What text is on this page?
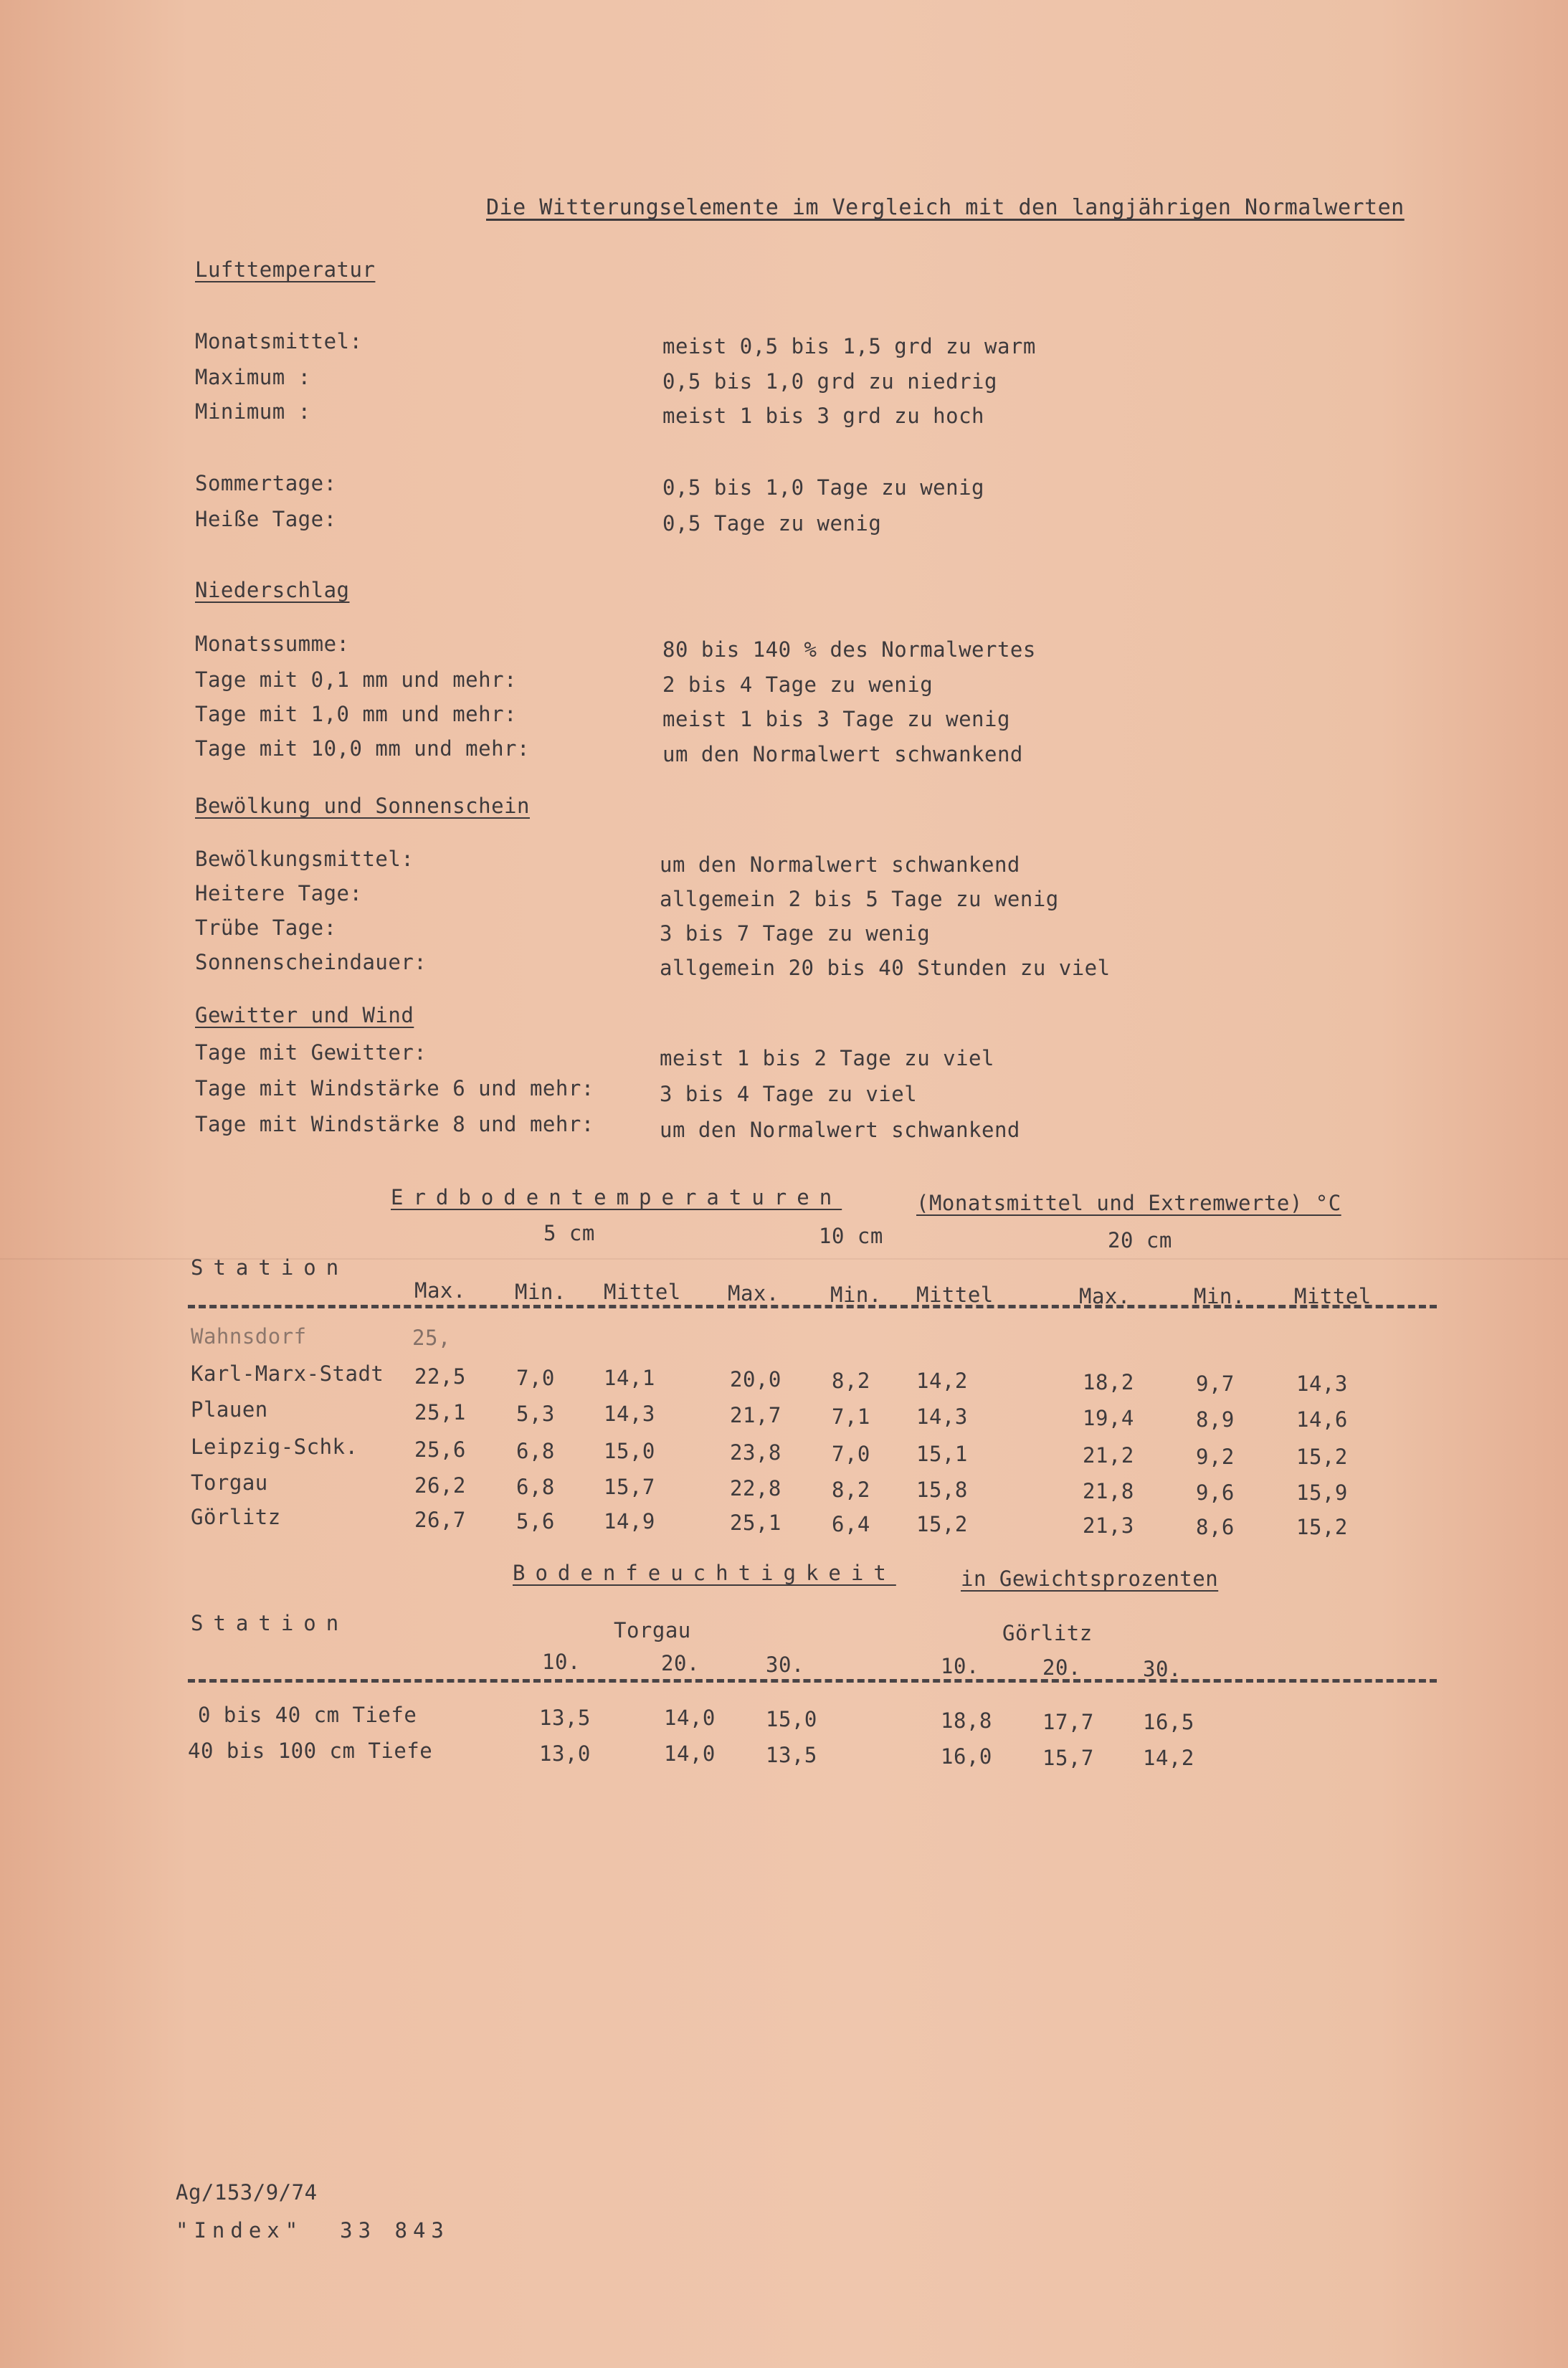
Die Witterungselemente im Vergleich mit den langjährigen Normalwerten
Lufttemperatur
Monatsmittel:	meist 0,5 bis 1,5 grd zu warm
Maximum :	0,5 bis 1,0 grd zu niedrig
Minimum :	meist 1 bis 3 grd zu hoch
Sommertage:	0,5 bis 1,0 Tage zu wenig
Heiße Tage:	0,5 Tage zu wenig
Niederschlag
Monatssumme:	80 bis 140 % des Normalwertes
Tage mit 0,1 mm und mehr:	2 bis 4 Tage zu wenig
Tage mit 1,0 mm und mehr:	meist 1 bis 3 Tage zu wenig
Tage mit 10,0 mm und mehr:	um den Normalwert schwankend
Bewölkung und Sonnenschein
Bewölkungsmittel:	um den Normalwert schwankend
Heitere Tage:	allgemein 2 bis 5 Tage zu wenig
Trübe Tage:	3 bis 7 Tage zu wenig
Sonnenscheindauer:	allgemein 20 bis 40 Stunden zu viel
Gewitter und Wind
Tage mit Gewitter:	meist 1 bis 2 Tage zu viel
Tage mit Windstärke 6 und mehr:	3 bis 4 Tage zu viel
Tage mit Windstärke 8 und mehr:	um den Normalwert schwankend
Erdbodentemperaturen	(Monatsmittel und Extremwerte) °C
5 cm	10 cm	20 cm
Station
Max. Min. Mittel Max. Min. Mittel	Max.	Min. Mittel
Wahnsdorf	25,
Karl-Marx-Stadt 22,5 7,0 14,1	20,0 8,2 14,2	18,2	9,7	14,3
Plauen	25,1 5,3 14,3	21,7 7,1 14,3	19,4	8,9	14,6
Leipzig-Schk.	25,6 6,8 15,0	23,8 7,0 15,1	21,2	9,2	15,2
Torgau	26,2 6,8 15,7	22,8 8,2 15,8	21,8	9,6	15,9
Görlitz	26,7 5,6 14,9	25,1 6,4 15,2	21,3	8,6	15,2
Bodenfeuchtigkeit	in Gewichtsprozenten
Station	Torgau	Görlitz
10.	20.	30.	10.	20.	30.
0 bis 40 cm Tiefe	13,5	14,0 15,0	18,8 17,7 16,5
40 bis 100 cm Tiefe	13,0	14,0 13,5	16,0 15,7 14,2
Ag/153/9/74
"Index"  33 843
